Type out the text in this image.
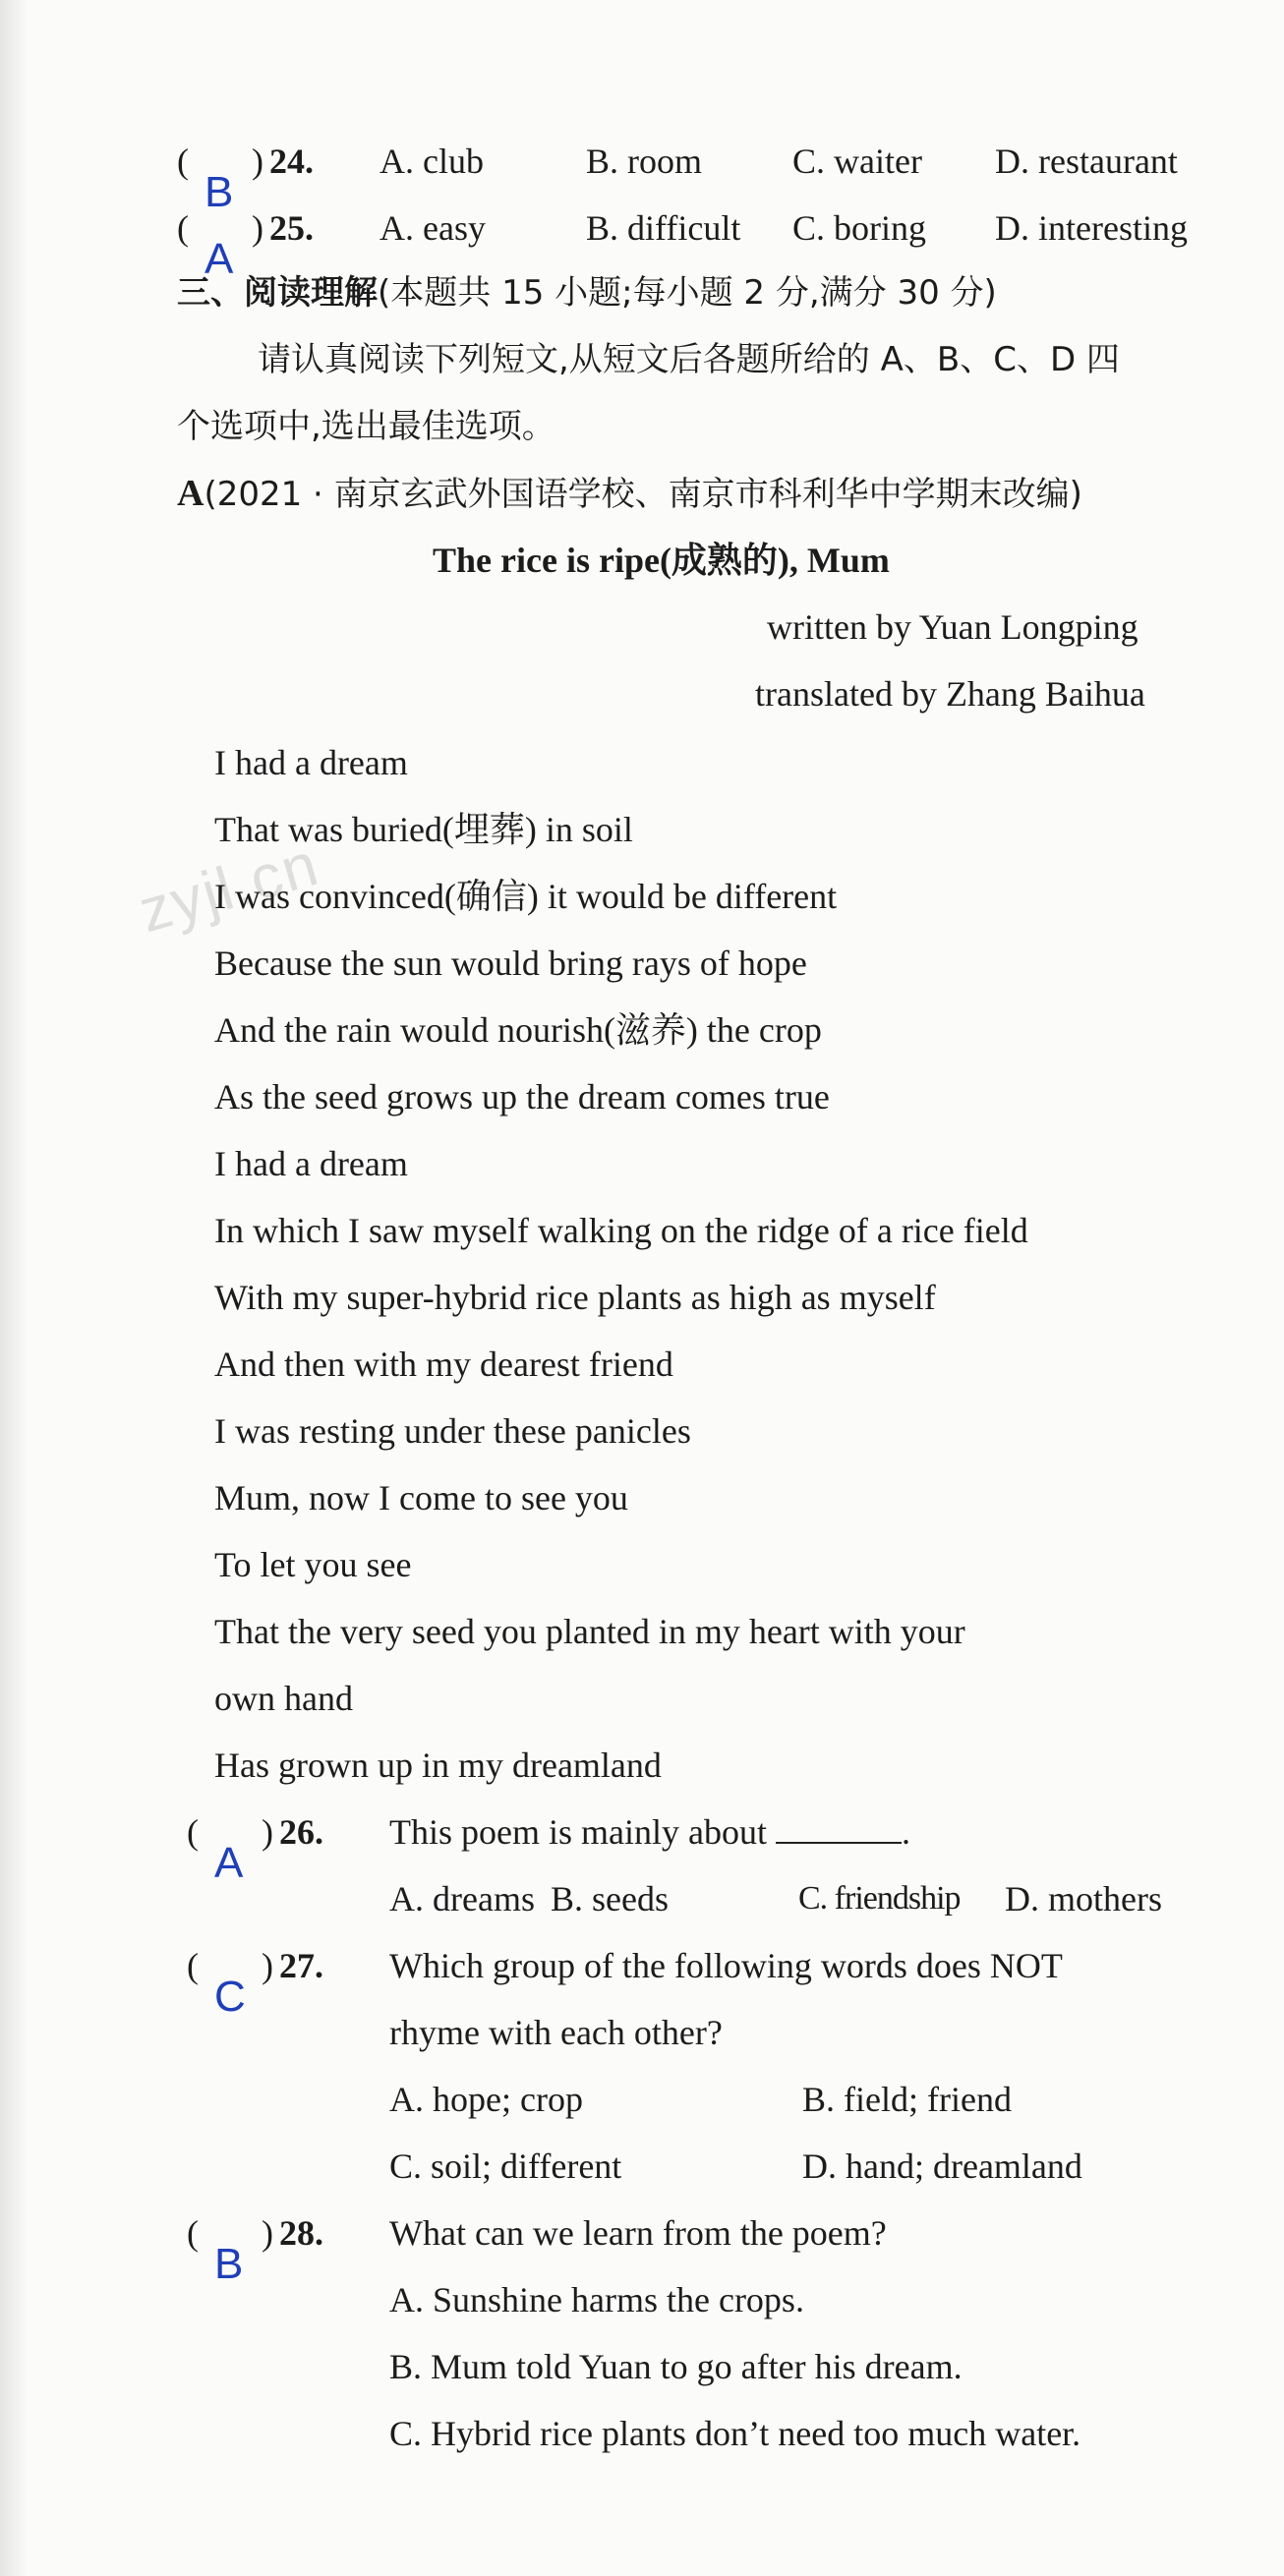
zyjl.cn
(
B
) 24. A. club	B. room	C. waiter D. restaurant
(
A
) 25. A. easy	B. difficult C. boring D. interesting
三、阅读理解(本题共 15 小题;每小题 2 分,满分 30 分)
请认真阅读下列短文,从短文后各题所给的 A、B、C、D 四
个选项中,选出最佳选项。
A(2021 · 南京玄武外国语学校、南京市科利华中学期末改编)
The rice is ripe(成熟的), Mum
written by Yuan Longping
translated by Zhang Baihua
I had a dream
That was buried(埋葬) in soil
I was convinced(确信) it would be different
Because the sun would bring rays of hope
And the rain would nourish(滋养) the crop
As the seed grows up the dream comes true
I had a dream
In which I saw myself walking on the ridge of a rice field
With my super-hybrid rice plants as high as myself
And then with my dearest friend
I was resting under these panicles
Mum, now I come to see you
To let you see
That the very seed you planted in my heart with your
own hand
Has grown up in my dreamland
(
A
) 26. This poem is mainly about	.
A. dreams B. seeds	C. friendship D. mothers
(
C
) 27. Which group of the following words does NOT
rhyme with each other?
A. hope; crop	B. field; friend
C. soil; different	D. hand; dreamland
(
B
) 28. What can we learn from the poem?
A. Sunshine harms the crops.
B. Mum told Yuan to go after his dream.
C. Hybrid rice plants don’t need too much water.
